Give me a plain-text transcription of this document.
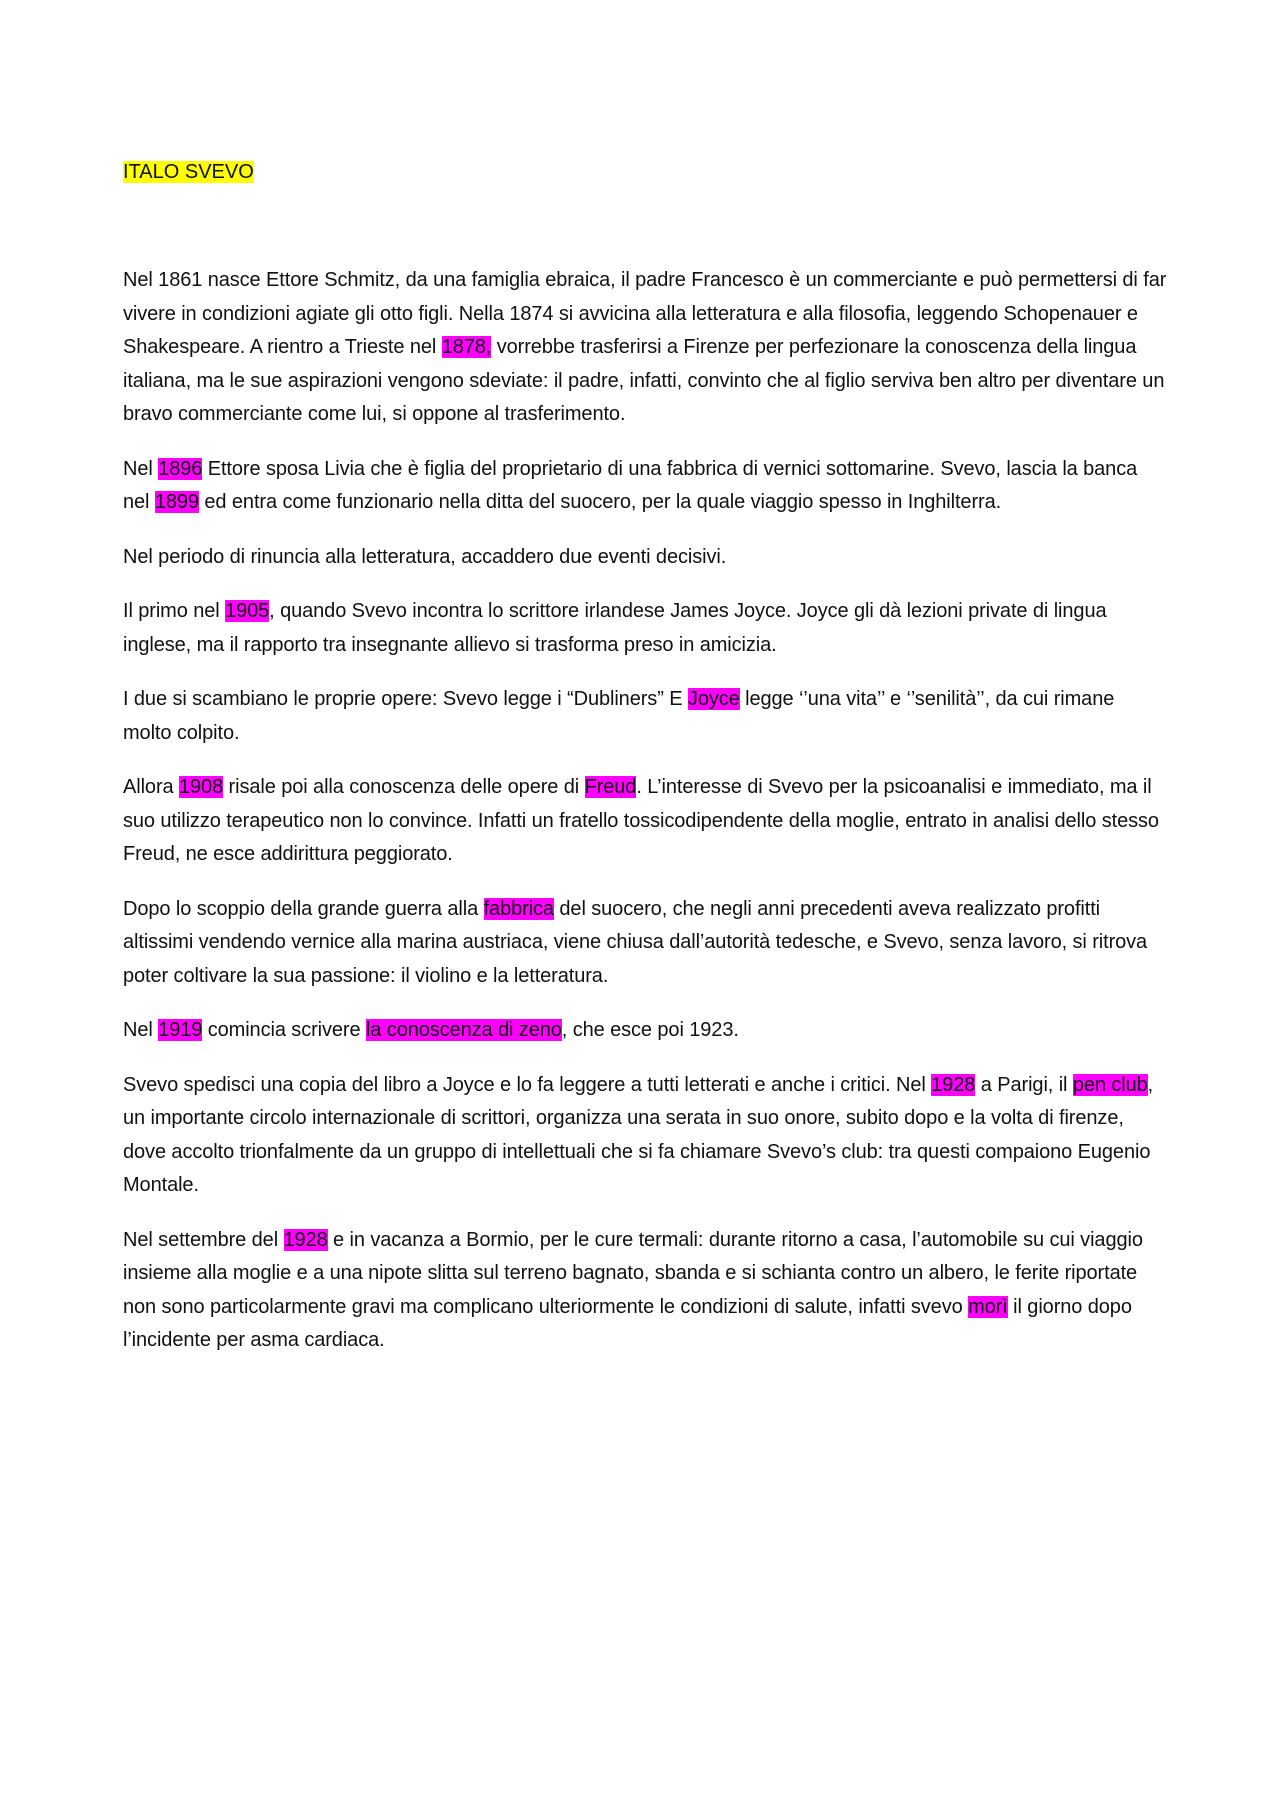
ITALO SVEVO

Nel 1861 nasce Ettore Schmitz, da una famiglia ebraica, il padre Francesco è un commerciante e può permettersi di far vivere in condizioni agiate gli otto figli. Nella 1874 si avvicina alla letteratura e alla filosofia, leggendo Schopenauer e Shakespeare. A rientro a Trieste nel 1878, vorrebbe trasferirsi a Firenze per perfezionare la conoscenza della lingua italiana, ma le sue aspirazioni vengono sdeviate: il padre, infatti, convinto che al figlio serviva ben altro per diventare un bravo commerciante come lui, si oppone al trasferimento.

Nel 1896 Ettore sposa Livia che è figlia del proprietario di una fabbrica di vernici sottomarine. Svevo, lascia la banca nel 1899 ed entra come funzionario nella ditta del suocero, per la quale viaggio spesso in Inghilterra.

Nel periodo di rinuncia alla letteratura, accaddero due eventi decisivi.

Il primo nel 1905, quando Svevo incontra lo scrittore irlandese James Joyce. Joyce gli dà lezioni private di lingua inglese, ma il rapporto tra insegnante allievo si trasforma preso in amicizia.

I due si scambiano le proprie opere: Svevo legge i “Dubliners” E Joyce legge ‘’una vita’’ e ‘’senilità’’, da cui rimane molto colpito.

Allora 1908 risale poi alla conoscenza delle opere di Freud. L’interesse di Svevo per la psicoanalisi e immediato, ma il suo utilizzo terapeutico non lo convince. Infatti un fratello tossicodipendente della moglie, entrato in analisi dello stesso Freud, ne esce addirittura peggiorato.

Dopo lo scoppio della grande guerra alla fabbrica del suocero, che negli anni precedenti aveva realizzato profitti altissimi vendendo vernice alla marina austriaca, viene chiusa dall’autorità tedesche, e Svevo, senza lavoro, si ritrova poter coltivare la sua passione: il violino e la letteratura.

Nel 1919 comincia scrivere la conoscenza di zeno, che esce poi 1923.

Svevo spedisci una copia del libro a Joyce e lo fa leggere a tutti letterati e anche i critici. Nel 1928 a Parigi, il pen club, un importante circolo internazionale di scrittori, organizza una serata in suo onore, subito dopo e la volta di firenze, dove accolto trionfalmente da un gruppo di intellettuali che si fa chiamare Svevo’s club: tra questi compaiono Eugenio Montale.

Nel settembre del 1928 e in vacanza a Bormio, per le cure termali: durante ritorno a casa, l’automobile su cui viaggio insieme alla moglie e a una nipote slitta sul terreno bagnato, sbanda e si schianta contro un albero, le ferite riportate non sono particolarmente gravi ma complicano ulteriormente le condizioni di salute, infatti svevo morì il giorno dopo l’incidente per asma cardiaca.
